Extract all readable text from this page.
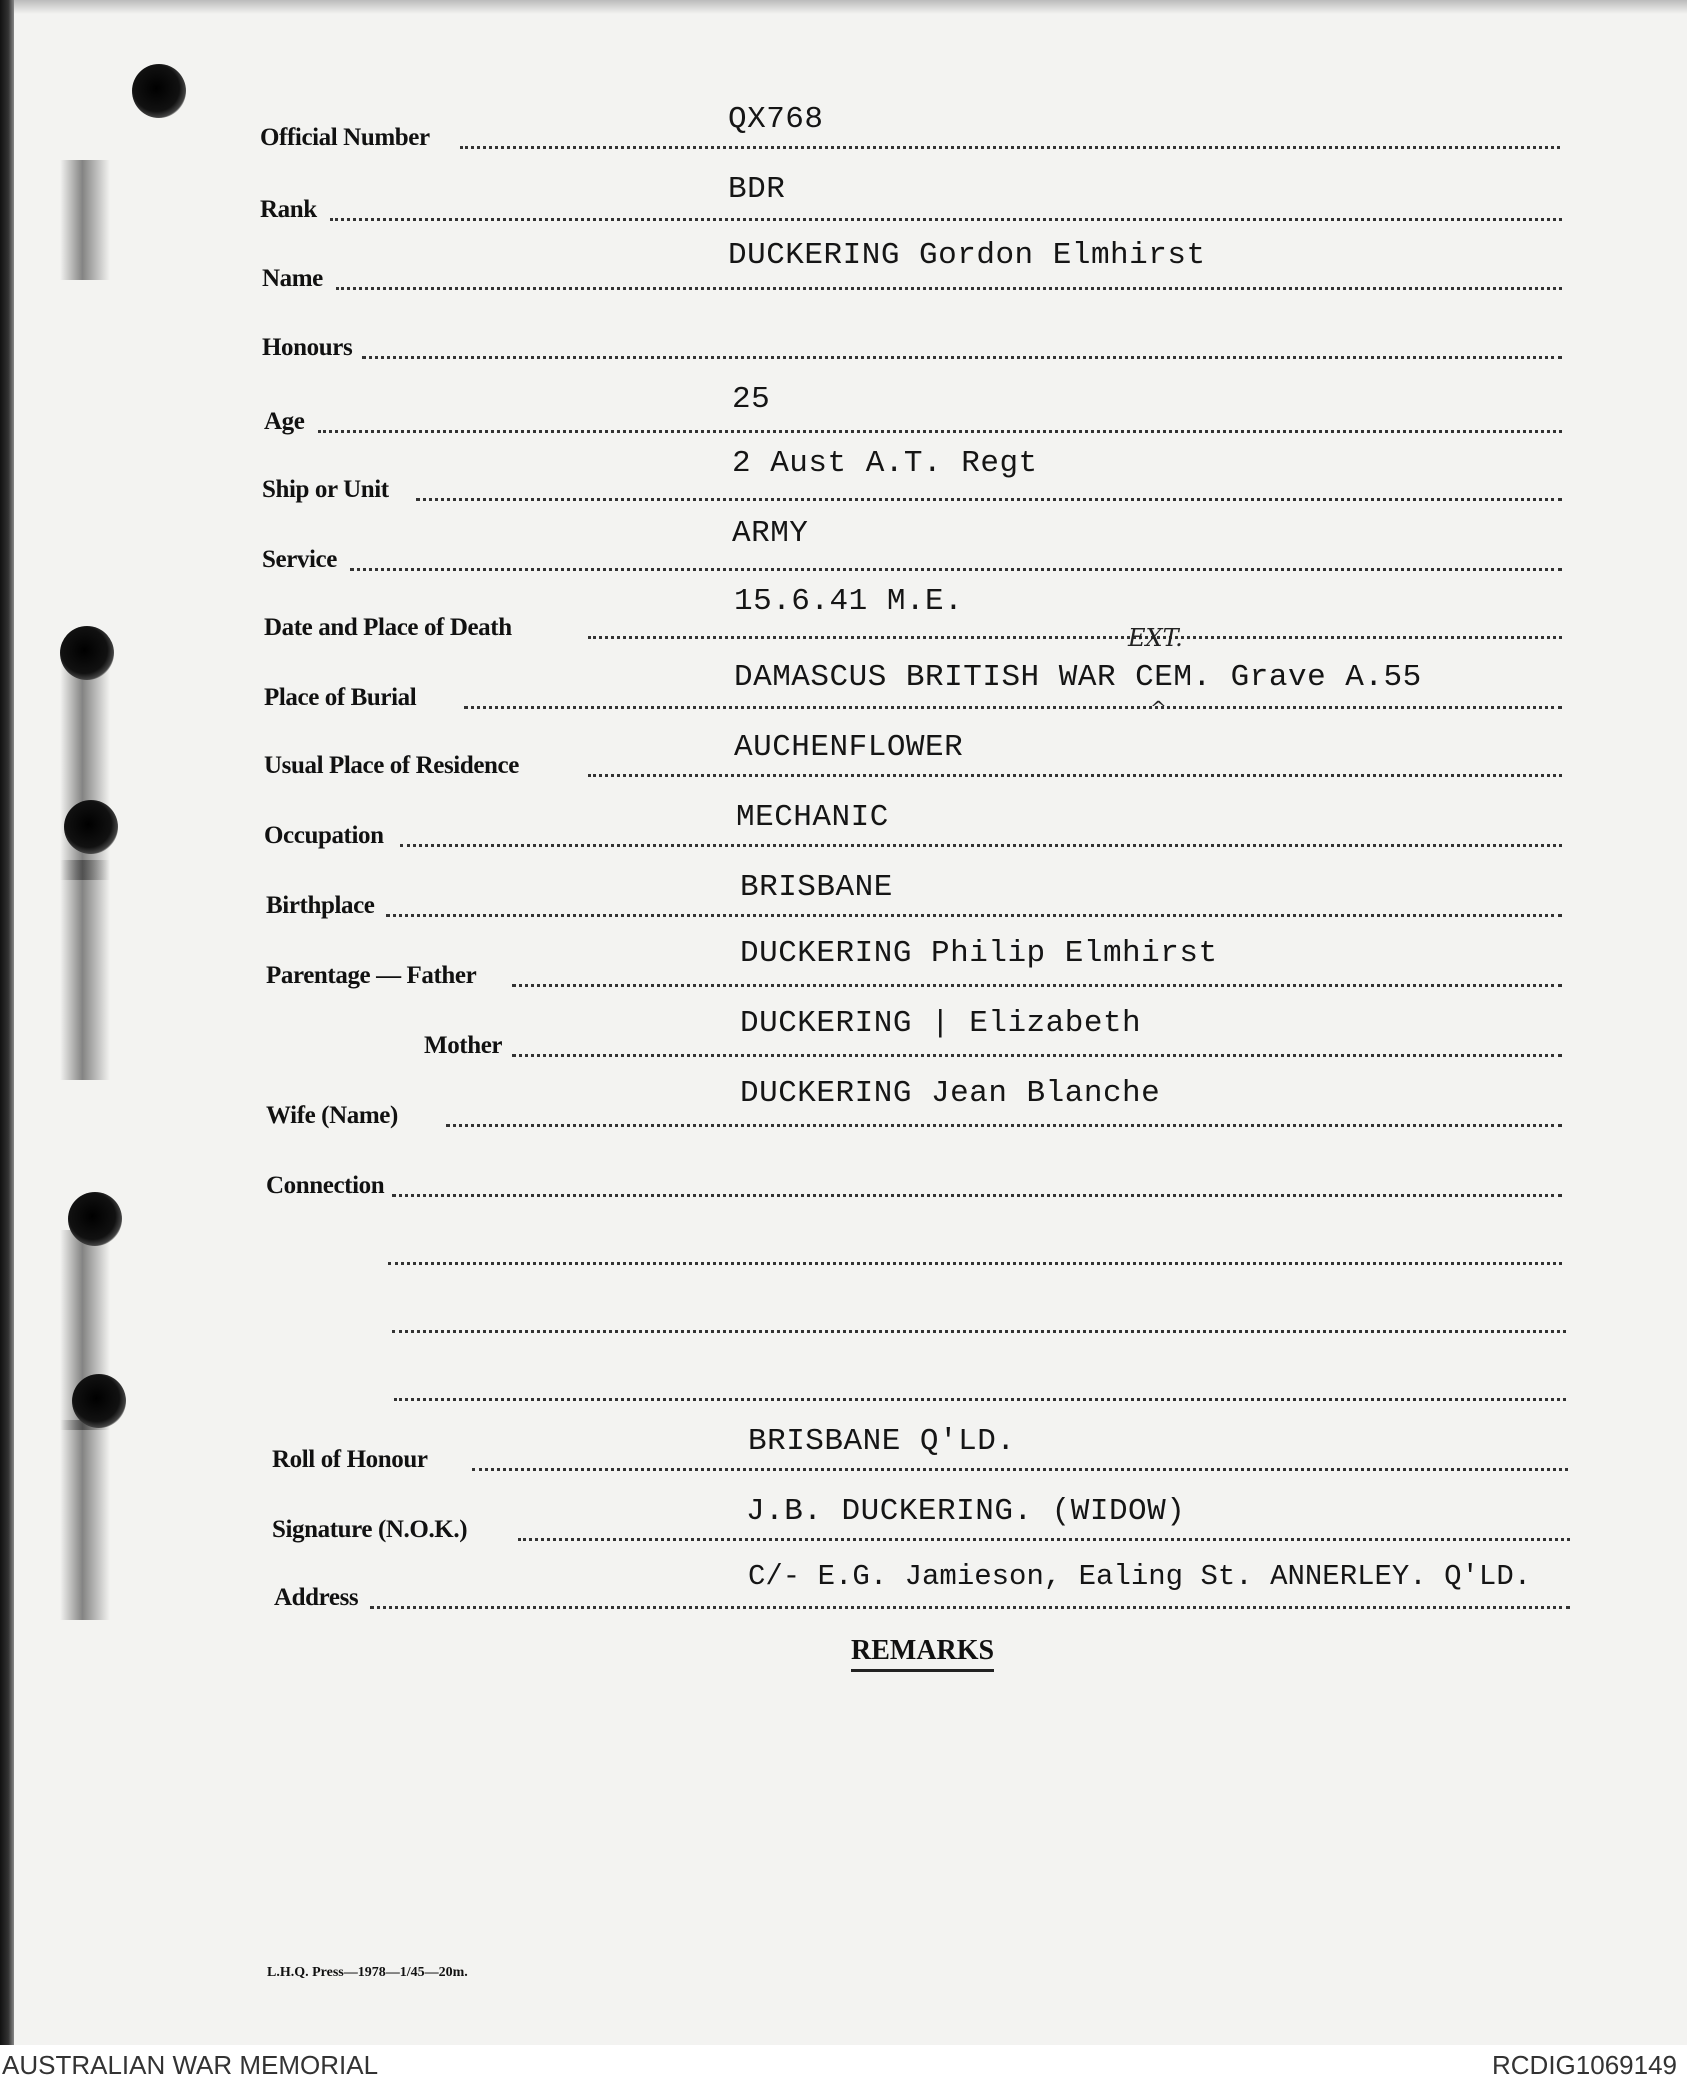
Official Number
QX768
Rank
BDR
Name
DUCKERING Gordon Elmhirst
Honours
Age
25
Ship or Unit
2 Aust A.T. Regt
Service
ARMY
Date and Place of Death
15.6.41 M.E.
Place of Burial
DAMASCUS BRITISH WAR CEM. Grave A.55
EXT.
^
Usual Place of Residence
AUCHENFLOWER
Occupation
MECHANIC
Birthplace
BRISBANE
Parentage — Father
DUCKERING Philip Elmhirst
Mother
DUCKERING | Elizabeth
Wife (Name)
DUCKERING Jean Blanche
Connection
Roll of Honour
BRISBANE Q'LD.
Signature (N.O.K.)
J.B. DUCKERING. (WIDOW)
Address
C/- E.G. Jamieson, Ealing St. ANNERLEY. Q'LD.
REMARKS
L.H.Q. Press—1978—1/45—20m.
AUSTRALIAN WAR MEMORIAL	RCDIG1069149
